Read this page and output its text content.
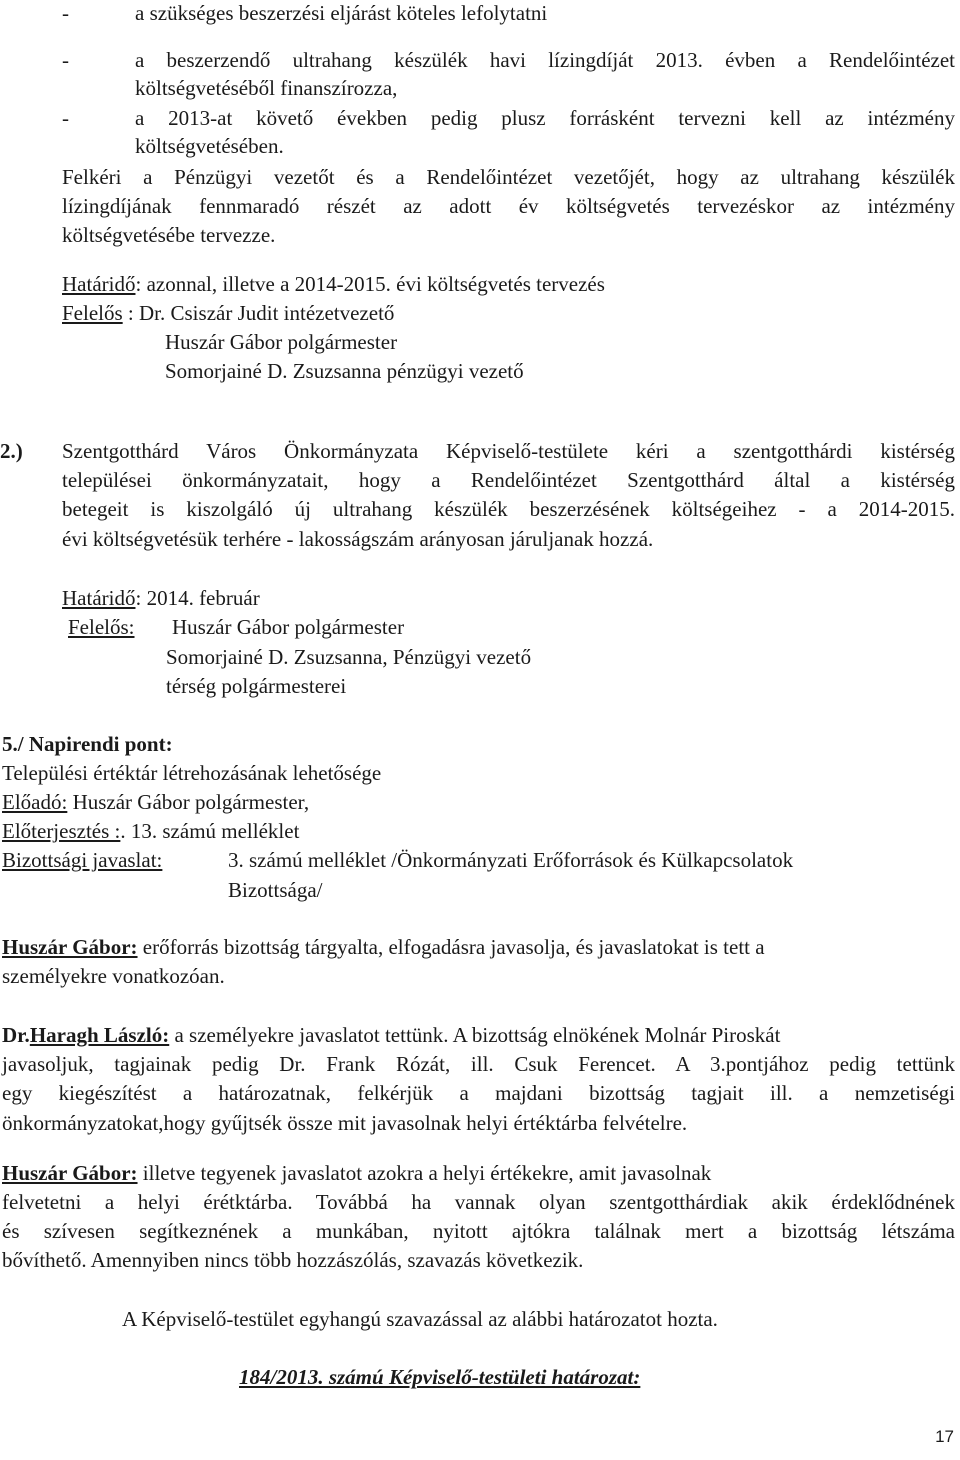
-	a szükséges beszerzési eljárást köteles lefolytatni
-	a beszerzendő ultrahang készülék havi lízingdíját 2013. évben a Rendelőintézet
költségvetéséből finanszírozza,
-	a 2013-at követő években pedig plusz forrásként tervezni kell az intézmény
költségvetésében.
Felkéri a Pénzügyi vezetőt és a Rendelőintézet vezetőjét, hogy az ultrahang készülék
lízingdíjának fennmaradó részét az adott év költségvetés tervezéskor az intézmény
költségvetésébe tervezze.
Határidő: azonnal, illetve a 2014-2015. évi költségvetés tervezés
Felelős : Dr. Csiszár Judit intézetvezető
Huszár Gábor polgármester
Somorjainé D. Zsuzsanna pénzügyi vezető
2.) Szentgotthárd Város Önkormányzata Képviselő-testülete kéri a szentgotthárdi kistérség
települései önkormányzatait, hogy a Rendelőintézet Szentgotthárd által a kistérség
betegeit is kiszolgáló új ultrahang készülék beszerzésének költségeihez - a 2014-2015.
évi költségvetésük terhére - lakosságszám arányosan járuljanak hozzá.
Határidő: 2014. február
Felelős: Huszár Gábor polgármester
Somorjainé D. Zsuzsanna, Pénzügyi vezető
térség polgármesterei
5./ Napirendi pont:
Települési értéktár létrehozásának lehetősége
Előadó: Huszár Gábor polgármester,
Előterjesztés :. 13. számú melléklet
Bizottsági javaslat:	3. számú melléklet /Önkormányzati Erőforrások és Külkapcsolatok
Bizottsága/
Huszár Gábor: erőforrás bizottság tárgyalta, elfogadásra javasolja, és javaslatokat is tett a
személyekre vonatkozóan.
Dr.Haragh László: a személyekre javaslatot tettünk. A bizottság elnökének Molnár Piroskát
javasoljuk, tagjainak pedig Dr. Frank Rózát, ill. Csuk Ferencet. A 3.pontjához pedig tettünk
egy kiegészítést a határozatnak, felkérjük a majdani bizottság tagjait ill. a nemzetiségi
önkormányzatokat,hogy gyűjtsék össze mit javasolnak helyi értéktárba felvételre.
Huszár Gábor: illetve tegyenek javaslatot azokra a helyi értékekre, amit javasolnak
felvetetni a helyi érétktárba. Továbbá ha vannak olyan szentgotthárdiak akik érdeklődnének
és szívesen segítkeznének a munkában, nyitott ajtókra találnak mert a bizottság létszáma
bővíthető. Amennyiben nincs több hozzászólás, szavazás következik.
A Képviselő-testület egyhangú szavazással az alábbi határozatot hozta.
184/2013. számú Képviselő-testületi határozat:
17
